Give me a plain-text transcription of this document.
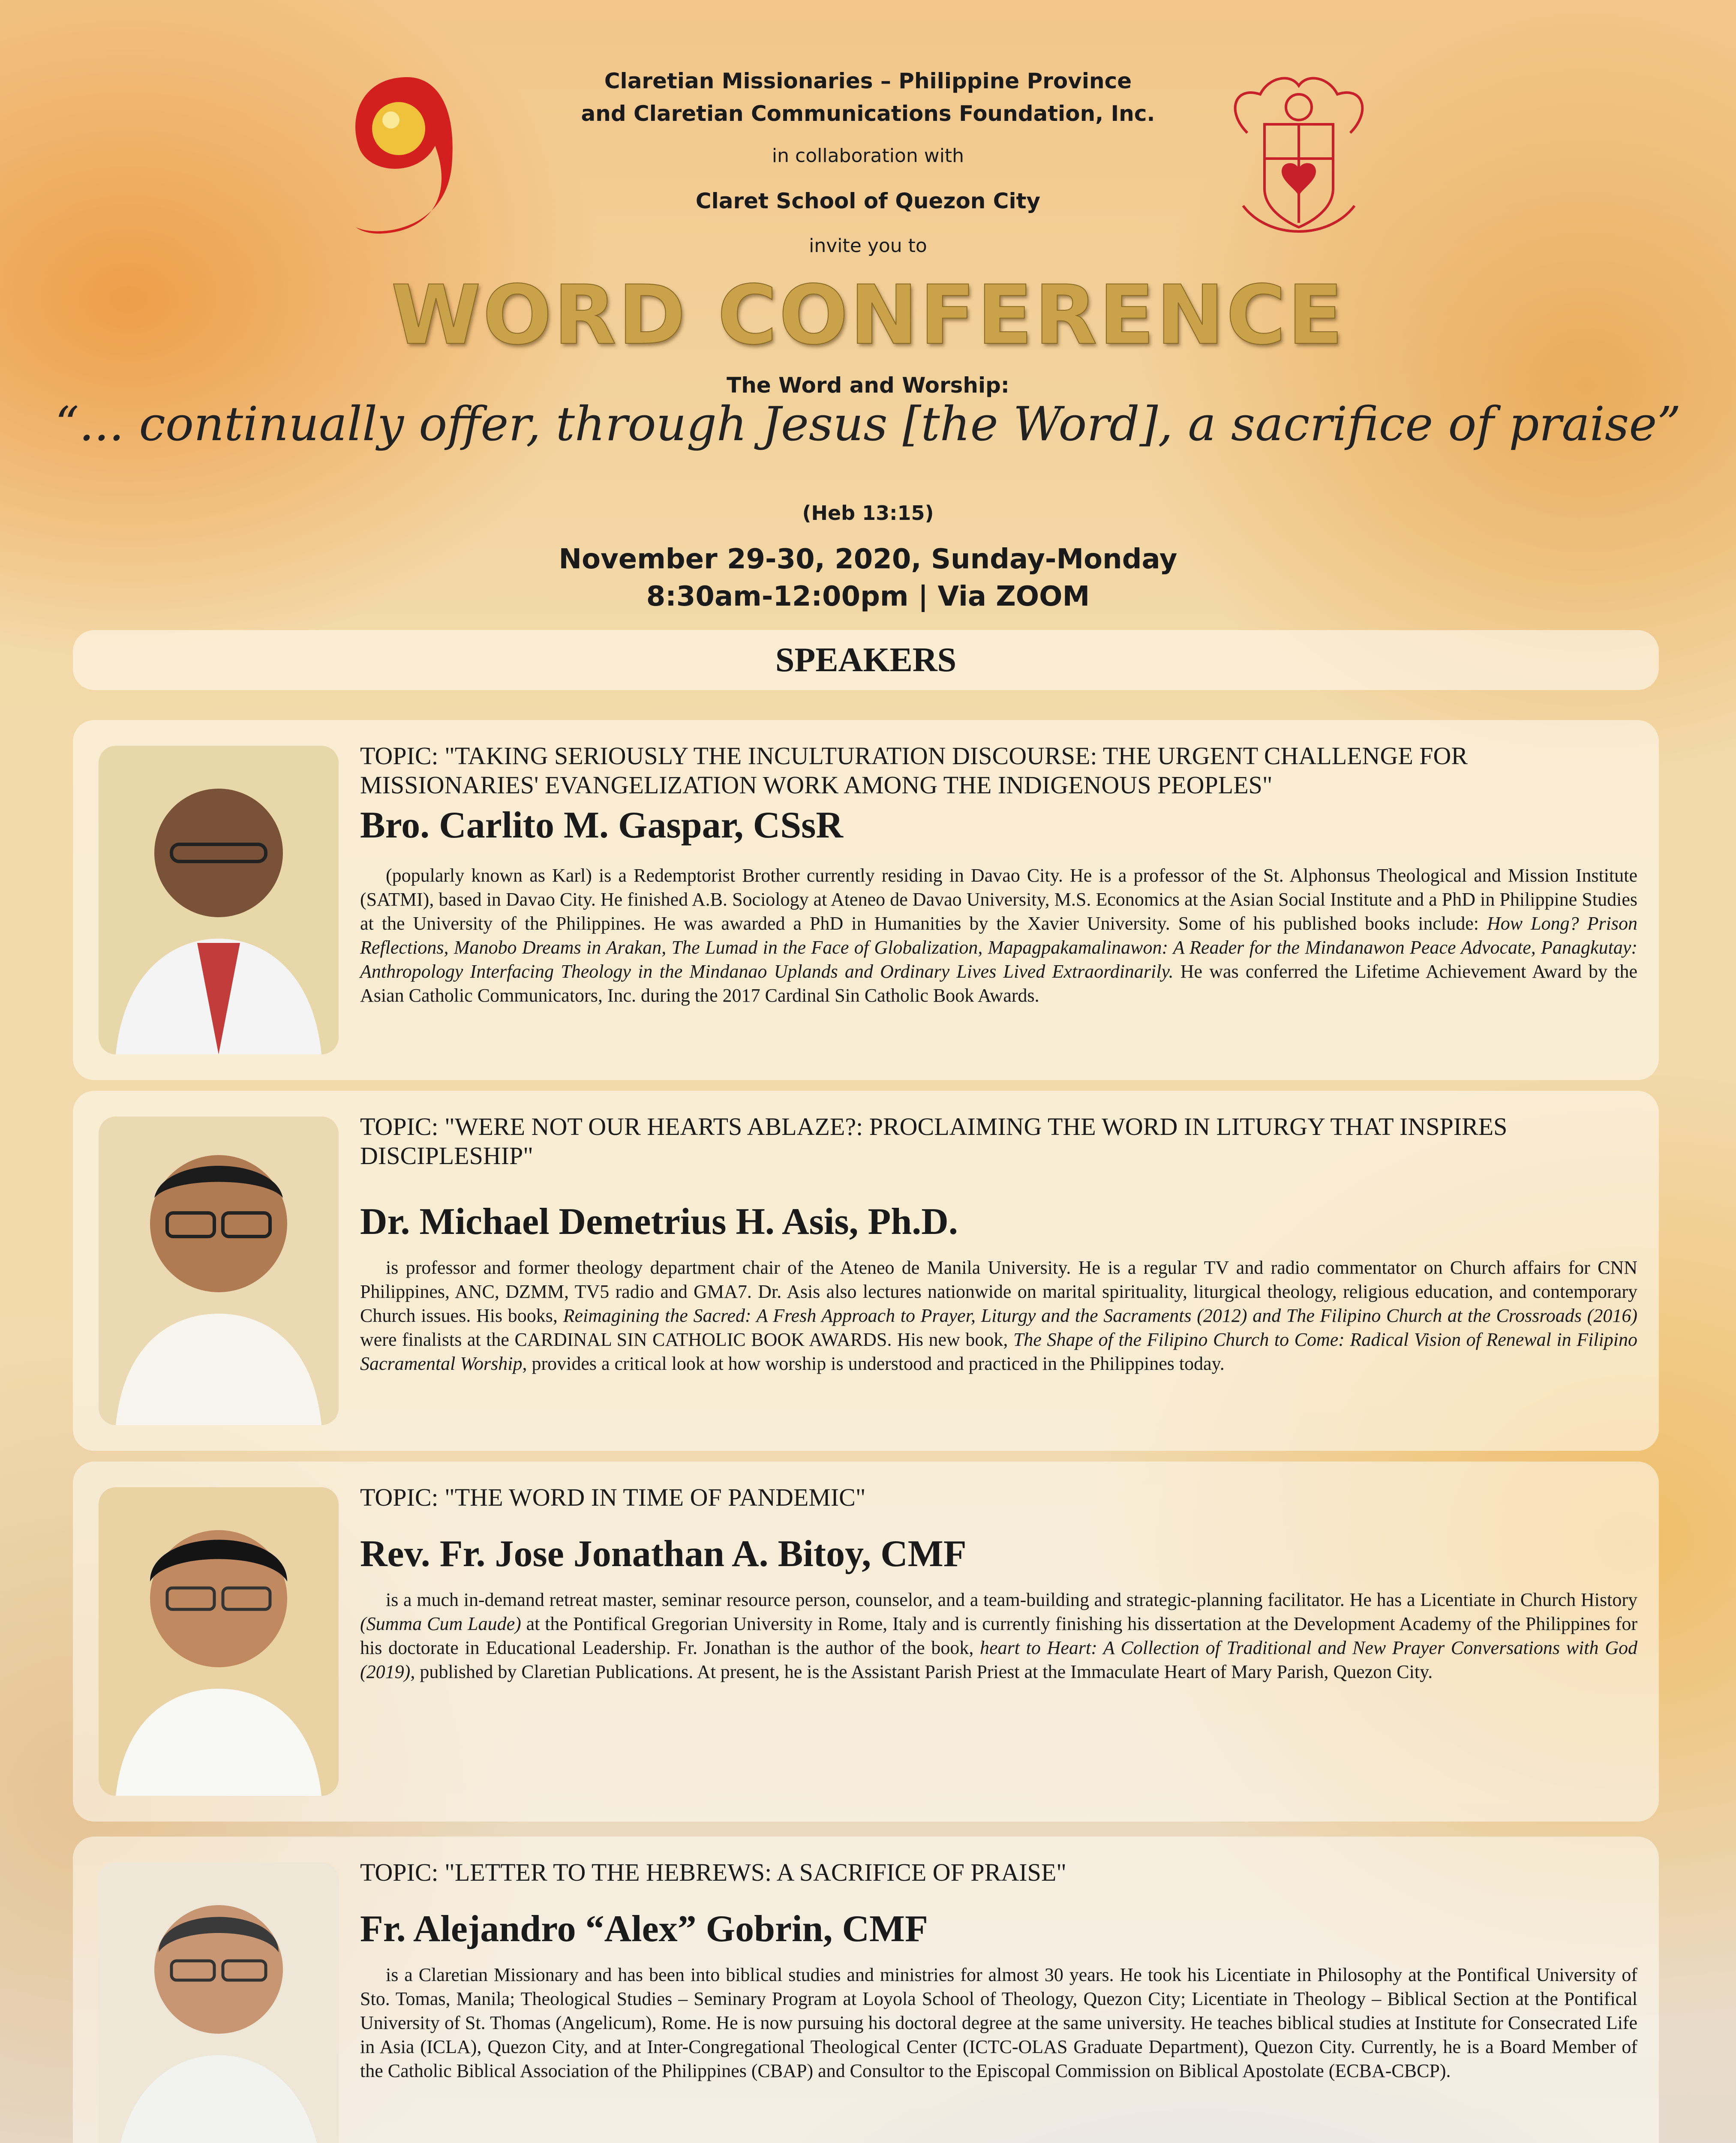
Claretian Missionaries – Philippine Province
and Claretian Communications Foundation, Inc.
in collaboration with
Claret School of Quezon City
invite you to
WORD CONFERENCE
The Word and Worship:
“... continually offer, through Jesus [the Word], a sacrifice of praise”
(Heb 13:15)
November 29-30, 2020, Sunday-Monday
8:30am-12:00pm | Via ZOOM
SPEAKERS
TOPIC: "TAKING SERIOUSLY THE INCULTURATION DISCOURSE: THE URGENT CHALLENGE FOR MISSIONARIES' EVANGELIZATION WORK AMONG THE INDIGENOUS PEOPLES"
Bro. Carlito M. Gaspar, CSsR
(popularly known as Karl) is a Redemptorist Brother currently residing in Davao City. He is a professor of the St. Alphonsus Theological and Mission Institute (SATMI), based in Davao City. He finished A.B. Sociology at Ateneo de Davao University, M.S. Economics at the Asian Social Institute and a PhD in Philippine Studies at the University of the Philippines. He was awarded a PhD in Humanities by the Xavier University. Some of his published books include: How Long? Prison Reflections, Manobo Dreams in Arakan, The Lumad in the Face of Globalization, Mapagpakamalinawon: A Reader for the Mindanawon Peace Advocate, Panagkutay: Anthropology Interfacing Theology in the Mindanao Uplands and Ordinary Lives Lived Extraordinarily. He was conferred the Lifetime Achievement Award by the Asian Catholic Communicators, Inc. during the 2017 Cardinal Sin Catholic Book Awards.
TOPIC: "WERE NOT OUR HEARTS ABLAZE?: PROCLAIMING THE WORD IN LITURGY THAT INSPIRES DISCIPLESHIP"
Dr. Michael Demetrius H. Asis, Ph.D.
is professor and former theology department chair of the Ateneo de Manila University. He is a regular TV and radio commentator on Church affairs for CNN Philippines, ANC, DZMM, TV5 radio and GMA7. Dr. Asis also lectures nationwide on marital spirituality, liturgical theology, religious education, and contemporary Church issues. His books, Reimagining the Sacred: A Fresh Approach to Prayer, Liturgy and the Sacraments (2012) and The Filipino Church at the Crossroads (2016) were finalists at the CARDINAL SIN CATHOLIC BOOK AWARDS. His new book, The Shape of the Filipino Church to Come: Radical Vision of Renewal in Filipino Sacramental Worship, provides a critical look at how worship is understood and practiced in the Philippines today.
TOPIC: "THE WORD IN TIME OF PANDEMIC"
Rev. Fr. Jose Jonathan A. Bitoy, CMF
is a much in-demand retreat master, seminar resource person, counselor, and a team-building and strategic-planning facilitator. He has a Licentiate in Church History (Summa Cum Laude) at the Pontifical Gregorian University in Rome, Italy and is currently finishing his dissertation at the Development Academy of the Philippines for his doctorate in Educational Leadership. Fr. Jonathan is the author of the book, heart to Heart: A Collection of Traditional and New Prayer Conversations with God (2019), published by Claretian Publications. At present, he is the Assistant Parish Priest at the Immaculate Heart of Mary Parish, Quezon City.
TOPIC: "LETTER TO THE HEBREWS: A SACRIFICE OF PRAISE"
Fr. Alejandro “Alex” Gobrin, CMF
is a Claretian Missionary and has been into biblical studies and ministries for almost 30 years. He took his Licentiate in Philosophy at the Pontifical University of Sto. Tomas, Manila; Theological Studies – Seminary Program at Loyola School of Theology, Quezon City; Licentiate in Theology – Biblical Section at the Pontifical University of St. Thomas (Angelicum), Rome. He is now pursuing his doctoral degree at the same university. He teaches biblical studies at Institute for Consecrated Life in Asia (ICLA), Quezon City, and at Inter-Congregational Theological Center (ICTC-OLAS Graduate Department), Quezon City. Currently, he is a Board Member of the Catholic Biblical Association of the Philippines (CBAP) and Consultor to the Episcopal Commission on Biblical Apostolate (ECBA-CBCP).
